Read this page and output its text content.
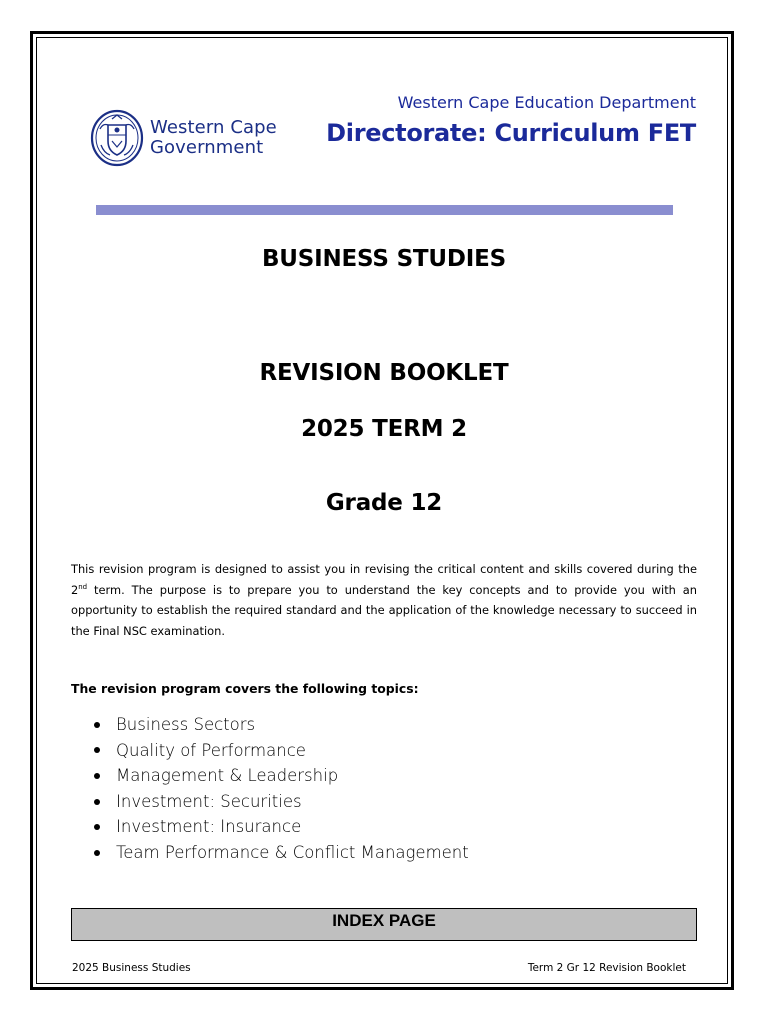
Western Cape
Government
Western Cape Education Department
Directorate: Curriculum FET
BUSINESS STUDIES
REVISION BOOKLET
2025 TERM 2
Grade 12

This revision program is designed to assist you in revising the critical content and skills covered during the 2nd term. The purpose is to prepare you to understand the key concepts and to provide you with an opportunity to establish the required standard and the application of the knowledge necessary to succeed in the Final NSC examination.

The revision program covers the following topics:
Business Sectors
Quality of Performance
Management & Leadership
Investment: Securities
Investment: Insurance
Team Performance & Conflict Management
INDEX PAGE
2025 Business Studies	Term 2 Gr 12 Revision Booklet
